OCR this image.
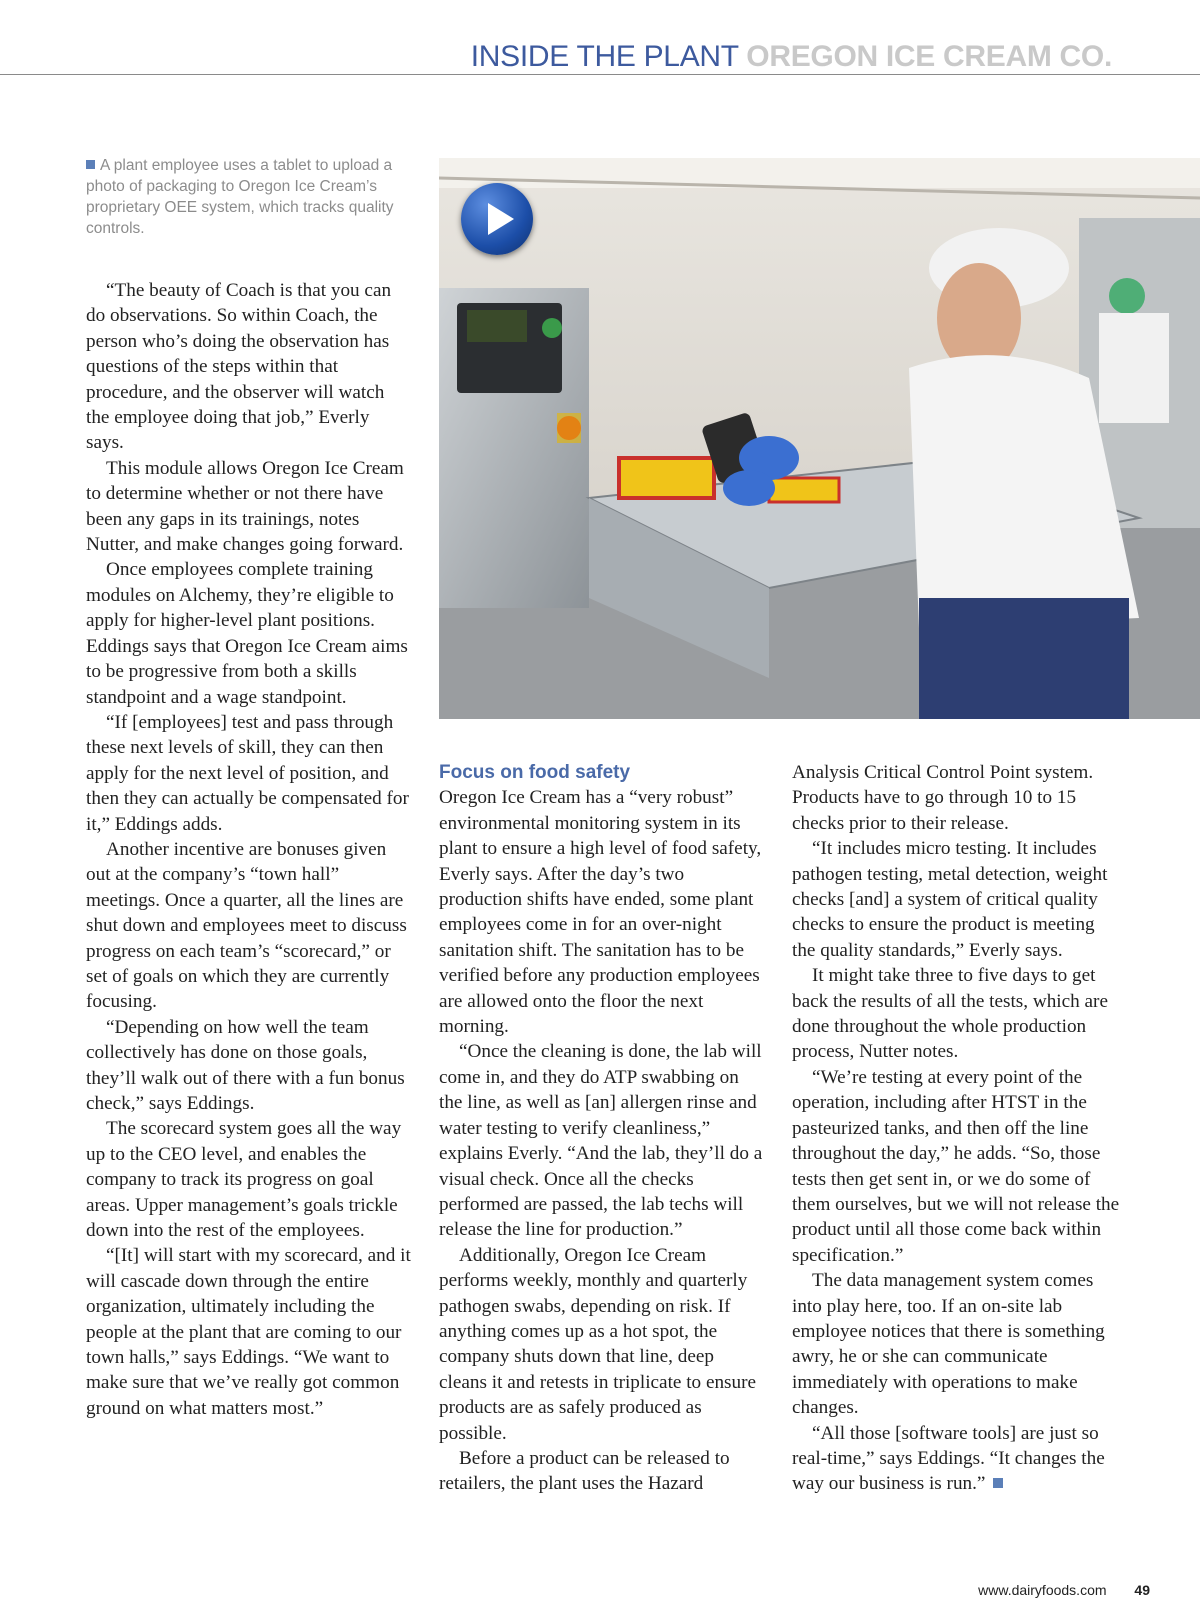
INSIDE THE PLANT OREGON ICE CREAM CO.
A plant employee uses a tablet to upload a photo of packaging to Oregon Ice Cream’s proprietary OEE system, which tracks quality controls.

“The beauty of Coach is that you can do observations. So within Coach, the person who’s doing the observation has questions of the steps within that procedure, and the observer will watch the employee doing that job,” Everly says.

This module allows Oregon Ice Cream to determine whether or not there have been any gaps in its trainings, notes Nutter, and make changes going forward.

Once employees complete training modules on Alchemy, they’re eligible to apply for higher-level plant positions. Eddings says that Oregon Ice Cream aims to be progressive from both a skills standpoint and a wage standpoint.

“If [employees] test and pass through these next levels of skill, they can then apply for the next level of position, and then they can actually be compensated for it,” Eddings adds.

Another incentive are bonuses given out at the company’s “town hall” meetings. Once a quarter, all the lines are shut down and employees meet to discuss progress on each team’s “scorecard,” or set of goals on which they are currently focusing.

“Depending on how well the team collectively has done on those goals, they’ll walk out of there with a fun bonus check,” says Eddings.

The scorecard system goes all the way up to the CEO level, and enables the company to track its progress on goal areas. Upper management’s goals trickle down into the rest of the employees.

“[It] will start with my scorecard, and it will cascade down through the entire organization, ultimately including the people at the plant that are coming to our town halls,” says Eddings. “We want to make sure that we’ve really got common ground on what matters most.”

Focus on food safety

Oregon Ice Cream has a “very robust” environmental monitoring system in its plant to ensure a high level of food safety, Everly says. After the day’s two production shifts have ended, some plant employees come in for an over-night sanitation shift. The sanitation has to be verified before any production employees are allowed onto the floor the next morning.

“Once the cleaning is done, the lab will come in, and they do ATP swabbing on the line, as well as [an] allergen rinse and water testing to verify cleanliness,” explains Everly. “And the lab, they’ll do a visual check. Once all the checks performed are passed, the lab techs will release the line for production.”

Additionally, Oregon Ice Cream performs weekly, monthly and quarterly pathogen swabs, depending on risk. If anything comes up as a hot spot, the company shuts down that line, deep cleans it and retests in triplicate to ensure products are as safely produced as possible.

Before a product can be released to retailers, the plant uses the Hazard

Analysis Critical Control Point system. Products have to go through 10 to 15 checks prior to their release.

“It includes micro testing. It includes pathogen testing, metal detection, weight checks [and] a system of critical quality checks to ensure the product is meeting the quality standards,” Everly says.

It might take three to five days to get back the results of all the tests, which are done throughout the whole production process, Nutter notes.

“We’re testing at every point of the operation, including after HTST in the pasteurized tanks, and then off the line throughout the day,” he adds. “So, those tests then get sent in, or we do some of them ourselves, but we will not release the product until all those come back within specification.”

The data management system comes into play here, too. If an on-site lab employee notices that there is something awry, he or she can communicate immediately with operations to make changes.

“All those [software tools] are just so real-time,” says Eddings. “It changes the way our business is run.”

www.dairyfoods.com 49
